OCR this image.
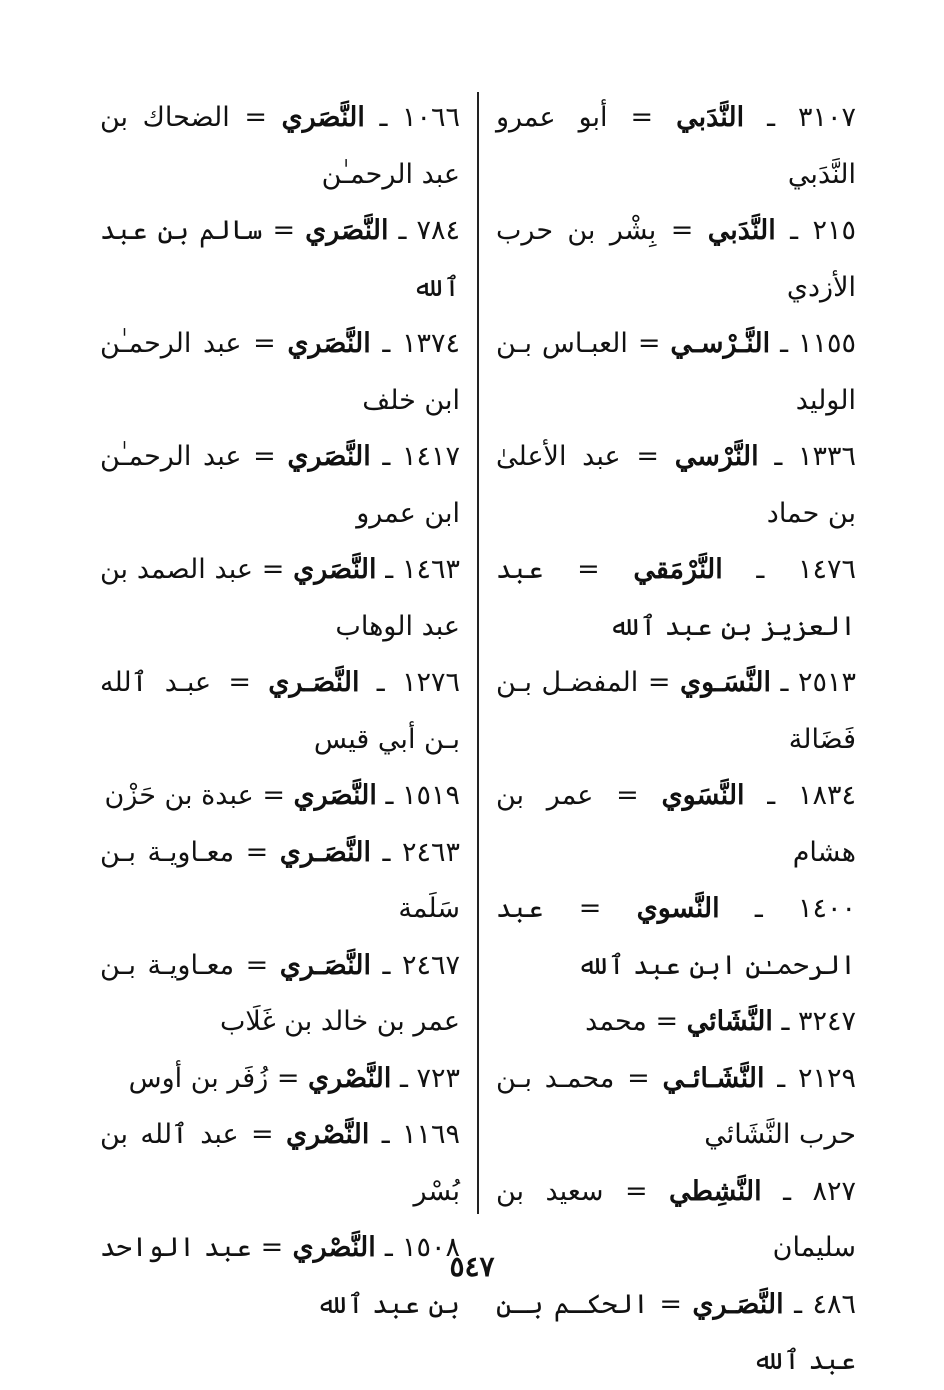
٣١٠٧ ـ النَّدَبي = أبو عمرو النَّدَبي

٢١٥ ـ النَّدَبي = بِشْر بن حرب الأزدي

١١٥٥ ـ النَّـرْسـي = العبـاس بـن الوليد

١٣٣٦ ـ النَّرْسي = عبد الأعلىٰ بن حماد

١٤٧٦ ـ النَّرْمَقي = عبد العزيز بن عبد ٱلله

٢٥١٣ ـ النَّسَـوي = المفضـل بـن فَضَالة

١٨٣٤ ـ النَّسَوي = عمر بن هشام

١٤٠٠ ـ النَّسوي = عبد الرحمـٰن ابن عبد ٱلله

٣٢٤٧ ـ النَّشَائي = محمد

٢١٢٩ ـ النَّشَـائـي = محمـد بـن حرب النَّشَائي

٨٢٧ ـ النَّشِطي = سعيد بن سليمان

٤٨٦ ـ النَّصَـري = الحكـم بـن عبد ٱلله

١٠٦٦ ـ النَّصَري = الضحاك بن عبد الرحمـٰن

٧٨٤ ـ النَّصَري = سالم بن عبد ٱلله

١٣٧٤ ـ النَّصَري = عبد الرحمـٰن ابن خلف

١٤١٧ ـ النَّصَري = عبد الرحمـٰن ابن عمرو

١٤٦٣ ـ النَّصَري = عبد الصمد بن عبد الوهاب

١٢٧٦ ـ النَّصَـري = عبـد ٱلله بـن أبي قيس

١٥١٩ ـ النَّصَري = عبدة بن حَزْن

٢٤٦٣ ـ النَّصَـري = معـاويـة بـن سَلَمة

٢٤٦٧ ـ النَّصَـري = معـاويـة بـن عمر بن خالد بن غَلَاب

٧٢٣ ـ النَّصْري = زُفَر بن أوس

١١٦٩ ـ النَّصْري = عبد ٱلله بن بُسْر

١٥٠٨ ـ النَّصْري = عبد الواحد بن عبد ٱلله

٥٤٧
